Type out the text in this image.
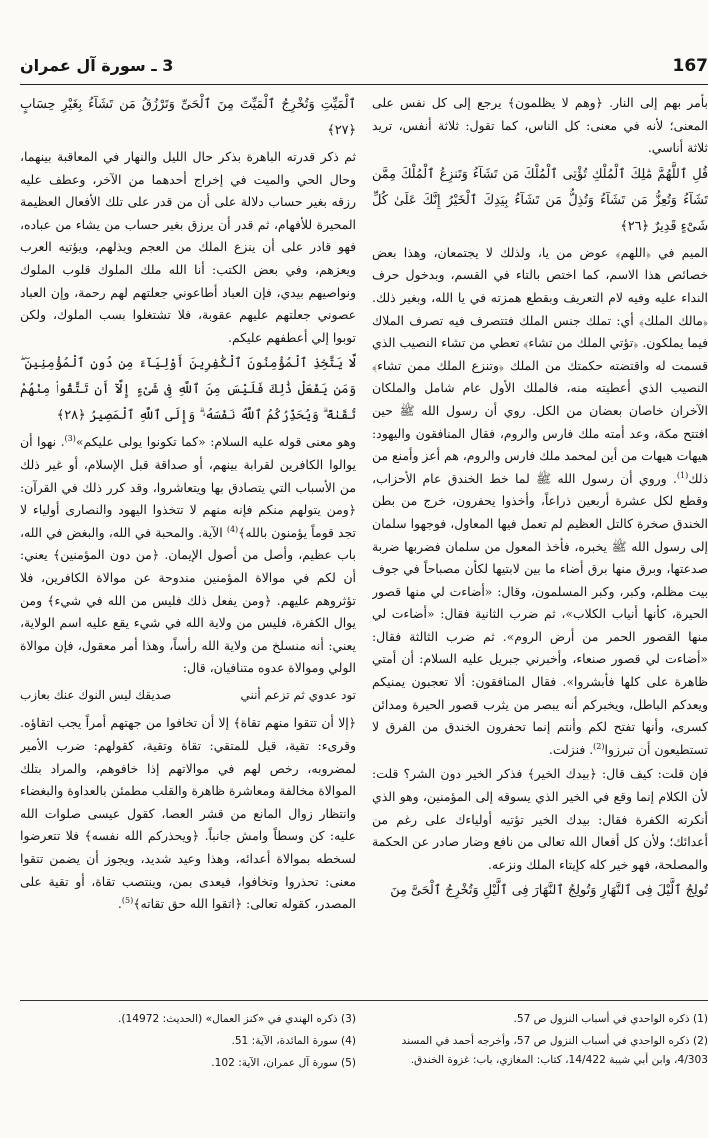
167
3 ـ سورة آل عمران

بأمر بهم إلى النار. ﴿وهم لا يظلمون﴾ يرجع إلى كل نفس على المعنى؛ لأنه في معنى: كل الناس، كما تقول: ثلاثة أنفس، تريد ثلاثة أناسي.

قُلِ ٱللَّهُمَّ مَٰلِكَ ٱلْمُلْكِ تُؤْتِى ٱلْمُلْكَ مَن تَشَآءُ وَتَنزِعُ ٱلْمُلْكَ مِمَّن تَشَآءُ وَتُعِزُّ مَن تَشَآءُ وَتُذِلُّ مَن تَشَآءُ بِيَدِكَ ٱلْخَيْرُ إِنَّكَ عَلَىٰ كُلِّ شَىْءٍ قَدِيرٌ ﴿٢٦﴾

الميم في ﴿اللهم﴾ عوض من يا، ولذلك لا يجتمعان، وهذا بعض خصائص هذا الاسم، كما اختص بالتاء في القسم، وبدخول حرف النداء عليه وفيه لام التعريف وبقطع همزته في يا الله، وبغير ذلك. ﴿مالك الملك﴾ أي: تملك جنس الملك فتتصرف فيه تصرف الملاك فيما يملكون. ﴿تؤتي الملك من تشاء﴾ تعطي من تشاء النصيب الذي قسمت له واقتضته حكمتك من الملك ﴿وتنزع الملك ممن تشاء﴾ النصيب الذي أعطيته منه، فالملك الأول عام شامل والملكان الآخران خاصان بعضان من الكل. روي أن رسول الله ﷺ حين افتتح مكة، وعد أمته ملك فارس والروم، فقال المنافقون واليهود: هيهات هيهات من أين لمحمد ملك فارس والروم، هم أعز وأمنع من ذلك$^{(1)}$. وروي أن رسول الله ﷺ لما خط الخندق عام الأحزاب، وقطع لكل عشرة أربعين ذراعاً، وأخذوا يحفرون، خرج من بطن الخندق صخرة كالتل العظيم لم تعمل فيها المعاول، فوجهوا سلمان إلى رسول الله ﷺ يخبره، فأخذ المعول من سلمان فضربها ضربة صدعتها، وبرق منها برق أضاء ما بين لابتيها لكأن مصباحاً في جوف بيت مظلم، وكبر، وكبر المسلمون، وقال: «أضاءت لي منها قصور الحيرة، كأنها أنياب الكلاب»، ثم ضرب الثانية فقال: «أضاءت لي منها القصور الحمر من أرض الروم». ثم ضرب الثالثة فقال: «أضاءت لي قصور صنعاء، وأخبرني جبريل عليه السلام: أن أمتي ظاهرة على كلها فأبشروا». فقال المنافقون: ألا تعجبون يمنيكم ويعدكم الباطل، ويخبركم أنه يبصر من يثرب قصور الحيرة ومدائن كسرى، وأنها تفتح لكم وأنتم إنما تحفرون الخندق من الفرق لا تستطيعون أن تبرزوا$^{(2)}$. فنزلت.

فإن قلت: كيف قال: ﴿بيدك الخير﴾ فذكر الخير دون الشر؟ قلت: لأن الكلام إنما وقع في الخير الذي يسوقه إلى المؤمنين، وهو الذي أنكرته الكفرة فقال: بيدك الخير تؤتيه أولياءك على رغم من أعدائك؛ ولأن كل أفعال الله تعالى من نافع وضار صادر عن الحكمة والمصلحة، فهو خير كله كإيتاء الملك ونزعه.

تُولِجُ ٱلَّيْلَ فِى ٱلنَّهَارِ وَتُولِجُ ٱلنَّهَارَ فِى ٱلَّيْلِ وَتُخْرِجُ ٱلْحَىَّ مِنَ

ٱلْمَيِّتِ وَتُخْرِجُ ٱلْمَيِّتَ مِنَ ٱلْحَىِّ وَتَرْزُقُ مَن تَشَآءُ بِغَيْرِ حِسَابٍ ﴿٢٧﴾

ثم ذكر قدرته الباهرة بذكر حال الليل والنهار في المعاقبة بينهما، وحال الحي والميت في إخراج أحدهما من الآخر، وعطف عليه رزقه بغير حساب دلالة على أن من قدر على تلك الأفعال العظيمة المحيرة للأفهام، ثم قدر أن يرزق بغير حساب من يشاء من عباده، فهو قادر على أن ينزع الملك من العجم ويذلهم، ويؤتيه العرب ويعزهم، وفي بعض الكتب: أنا الله ملك الملوك قلوب الملوك ونواصيهم بيدي، فإن العباد أطاعوني جعلتهم لهم رحمة، وإن العباد عصوني جعلتهم عليهم عقوبة، فلا تشتغلوا بسب الملوك، ولكن توبوا إلي أعطفهم عليكم.

لَّا يَتَّخِذِ ٱلْمُؤْمِنُونَ ٱلْكَٰفِرِينَ أَوْلِيَآءَ مِن دُونِ ٱلْمُؤْمِنِينَ ۖ وَمَن يَفْعَلْ ذَٰلِكَ فَلَيْسَ مِنَ ٱللَّهِ فِى شَىْءٍ إِلَّآ أَن تَتَّقُوا۟ مِنْهُمْ تُقَىٰةً ۗ وَيُحَذِّرُكُمُ ٱللَّهُ نَفْسَهُۥ ۗ وَإِلَى ٱللَّهِ ٱلْمَصِيرُ ﴿٢٨﴾

وهو معنى قوله عليه السلام: «كما تكونوا يولى عليكم»$^{(3)}$. نهوا أن يوالوا الكافرين لقرابة بينهم، أو صداقة قبل الإسلام، أو غير ذلك من الأسباب التي يتصادق بها ويتعاشروا، وقد كرر ذلك في القرآن: ﴿ومن يتولهم منكم فإنه منهم لا تتخذوا اليهود والنصارى أولياء لا تجد قوماً يؤمنون بالله﴾$^{(4)}$ الآية. والمحبة في الله، والبغض في الله، باب عظيم، وأصل من أصول الإيمان. ﴿من دون المؤمنين﴾ يعني: أن لكم في موالاة المؤمنين مندوحة عن موالاة الكافرين، فلا تؤثروهم عليهم. ﴿ومن يفعل ذلك فليس من الله في شيء﴾ ومن يوال الكفرة، فليس من ولاية الله في شيء يقع عليه اسم الولاية، يعني: أنه منسلخ من ولاية الله رأساً، وهذا أمر معقول، فإن موالاة الولي وموالاة عدوه متنافيان، قال:

تود عدوي ثم تزعم أنني
صديقك ليس النوك عنك بعازب

﴿إلا أن تتقوا منهم تقاة﴾ إلا أن تخافوا من جهتهم أمراً يجب اتقاؤه. وقرىء: تقية، قيل للمتقي: تقاة وتقية، كقولهم: ضرب الأمير لمضروبه، رخص لهم في موالاتهم إذا خافوهم، والمراد بتلك الموالاة مخالفة ومعاشرة ظاهرة والقلب مطمئن بالعداوة والبغضاء وانتظار زوال المانع من قشر العصا، كقول عيسى صلوات الله عليه: كن وسطاً وامش جانباً. ﴿ويحذركم الله نفسه﴾ فلا تتعرضوا لسخطه بموالاة أعدائه، وهذا وعيد شديد، ويجوز أن يضمن تتقوا معنى: تحذروا وتخافوا، فيعدى بمن، وينتصب تقاة، أو تقية على المصدر، كقوله تعالى: ﴿اتقوا الله حق تقاته﴾$^{(5)}$.

(1) ذكره الواحدي في أسباب النزول ص 57.
(2) ذكره الواحدي في أسباب النزول ص 57، وأخرجه أحمد في المسند 4/303، وابن أبي شيبة 14/422، كتاب: المغازي، باب: غزوة الخندق.
(3) ذكره الهندي في «كنز العمال» (الحديث: 14972).
(4) سورة المائدة، الآية: 51.
(5) سورة آل عمران، الآية: 102.
